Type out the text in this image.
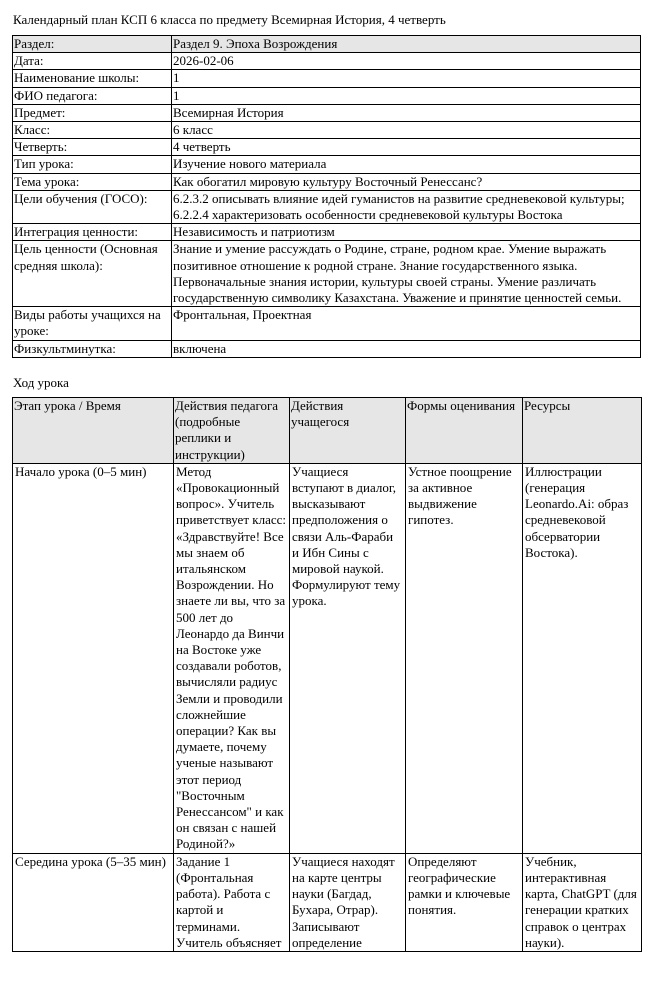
Календарный план КСП 6 класса по предмету Всемирная История, 4 четверть
Раздел:	Раздел 9. Эпоха Возрождения
Дата:	2026-02-06
Наименование школы:	1
ФИО педагога:	1
Предмет:	Всемирная История
Класс:	6 класс
Четверть:	4 четверть
Тип урока:	Изучение нового материала
Тема урока:	Как обогатил мировую культуру Восточный Ренессанс?
Цели обучения (ГОСО):	6.2.3.2 описывать влияние идей гуманистов на развитие средневековой культуры; 6.2.2.4 характеризовать особенности средневековой культуры Востока
Интеграция ценности:	Независимость и патриотизм
Цель ценности (Основная средняя школа):	Знание и умение рассуждать о Родине, стране, родном крае. Умение выражать позитивное отношение к родной стране. Знание государственного языка. Первоначальные знания истории, культуры своей страны. Умение различать государственную символику Казахстана. Уважение и принятие ценностей семьи.
Виды работы учащихся на уроке:	Фронтальная, Проектная
Физкультминутка:	включена
Ход урока
Этап урока / Время	Действия педагога (подробные реплики и инструкции)	Действия учащегося	Формы оценивания	Ресурсы
Начало урока (0–5 мин)	Метод «Провокационный вопрос». Учитель приветствует класс: «Здравствуйте! Все мы знаем об итальянском Возрождении. Но знаете ли вы, что за 500 лет до Леонардо да Винчи на Востоке уже создавали роботов, вычисляли радиус Земли и проводили сложнейшие операции? Как вы думаете, почему ученые называют этот период "Восточным Ренессансом" и как он связан с нашей Родиной?»	Учащиеся вступают в диалог, высказывают предположения о связи Аль-Фараби и Ибн Сины с мировой наукой. Формулируют тему урока.	Устное поощрение за активное выдвижение гипотез.	Иллюстрации (генерация Leonardo.Ai: образ средневековой обсерватории Востока).
Середина урока (5–35 мин)	Задание 1 (Фронтальная работа). Работа с картой и терминами. Учитель объясняет	Учащиеся находят на карте центры науки (Багдад, Бухара, Отрар). Записывают определение	Определяют географические рамки и ключевые понятия.	Учебник, интерактивная карта, ChatGPT (для генерации кратких справок о центрах науки).
